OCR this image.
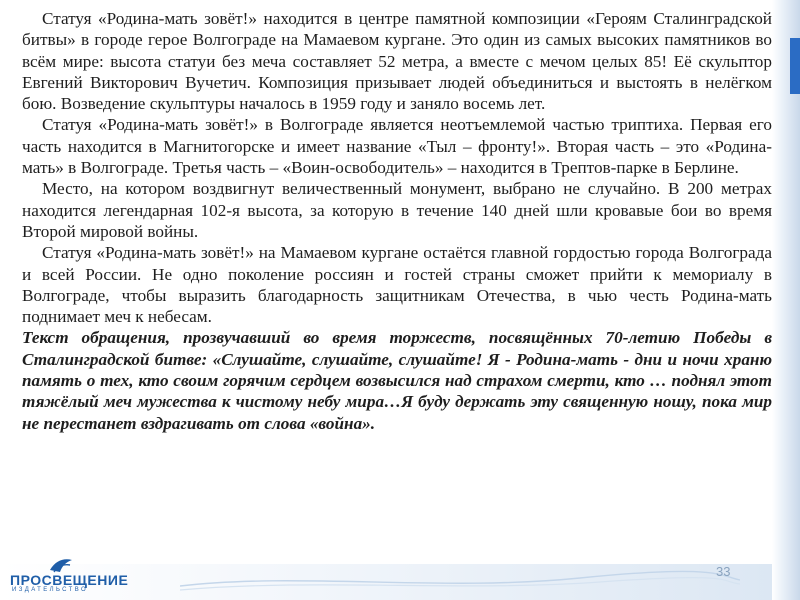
Статуя «Родина-мать зовёт!» находится в центре памятной композиции «Героям Сталинградской битвы» в городе герое Волгограде на Мамаевом кургане. Это один из самых высоких памятников во всём мире: высота статуи без меча составляет 52 метра, а вместе с мечом целых 85! Её скульптор Евгений Викторович Вучетич. Композиция призывает людей объединиться и выстоять в нелёгком бою. Возведение скульптуры началось в 1959 году и заняло восемь лет.

Статуя «Родина-мать зовёт!» в Волгограде является неотъемлемой частью триптиха. Первая его часть находится в Магнитогорске и имеет название «Тыл – фронту!». Вторая часть – это «Родина-мать» в Волгограде. Третья часть – «Воин-освободитель» – находится в Трептов-парке в Берлине.

Место, на котором воздвигнут величественный монумент, выбрано не случайно. В 200 метрах находится легендарная 102-я высота, за которую в течение 140 дней шли кровавые бои во время Второй мировой войны.

Статуя «Родина-мать зовёт!» на Мамаевом кургане остаётся главной гордостью города Волгограда и всей России. Не одно поколение россиян и гостей страны сможет прийти к мемориалу в Волгограде, чтобы выразить благодарность защитникам Отечества, в чью честь Родина-мать поднимает меч к небесам.

Текст обращения, прозвучавший во время торжеств, посвящённых 70-летию Победы в Сталинградской битве: «Слушайте, слушайте, слушайте! Я - Родина-мать - дни и ночи храню память о тех, кто своим горячим сердцем возвысился над страхом смерти, кто … поднял этот тяжёлый меч мужества к чистому небу мира…Я буду держать эту священную ношу, пока мир не перестанет вздрагивать от слова «война».

ПРОСВЕЩЕНИЕ
ИЗДАТЕЛЬСТВО
33
